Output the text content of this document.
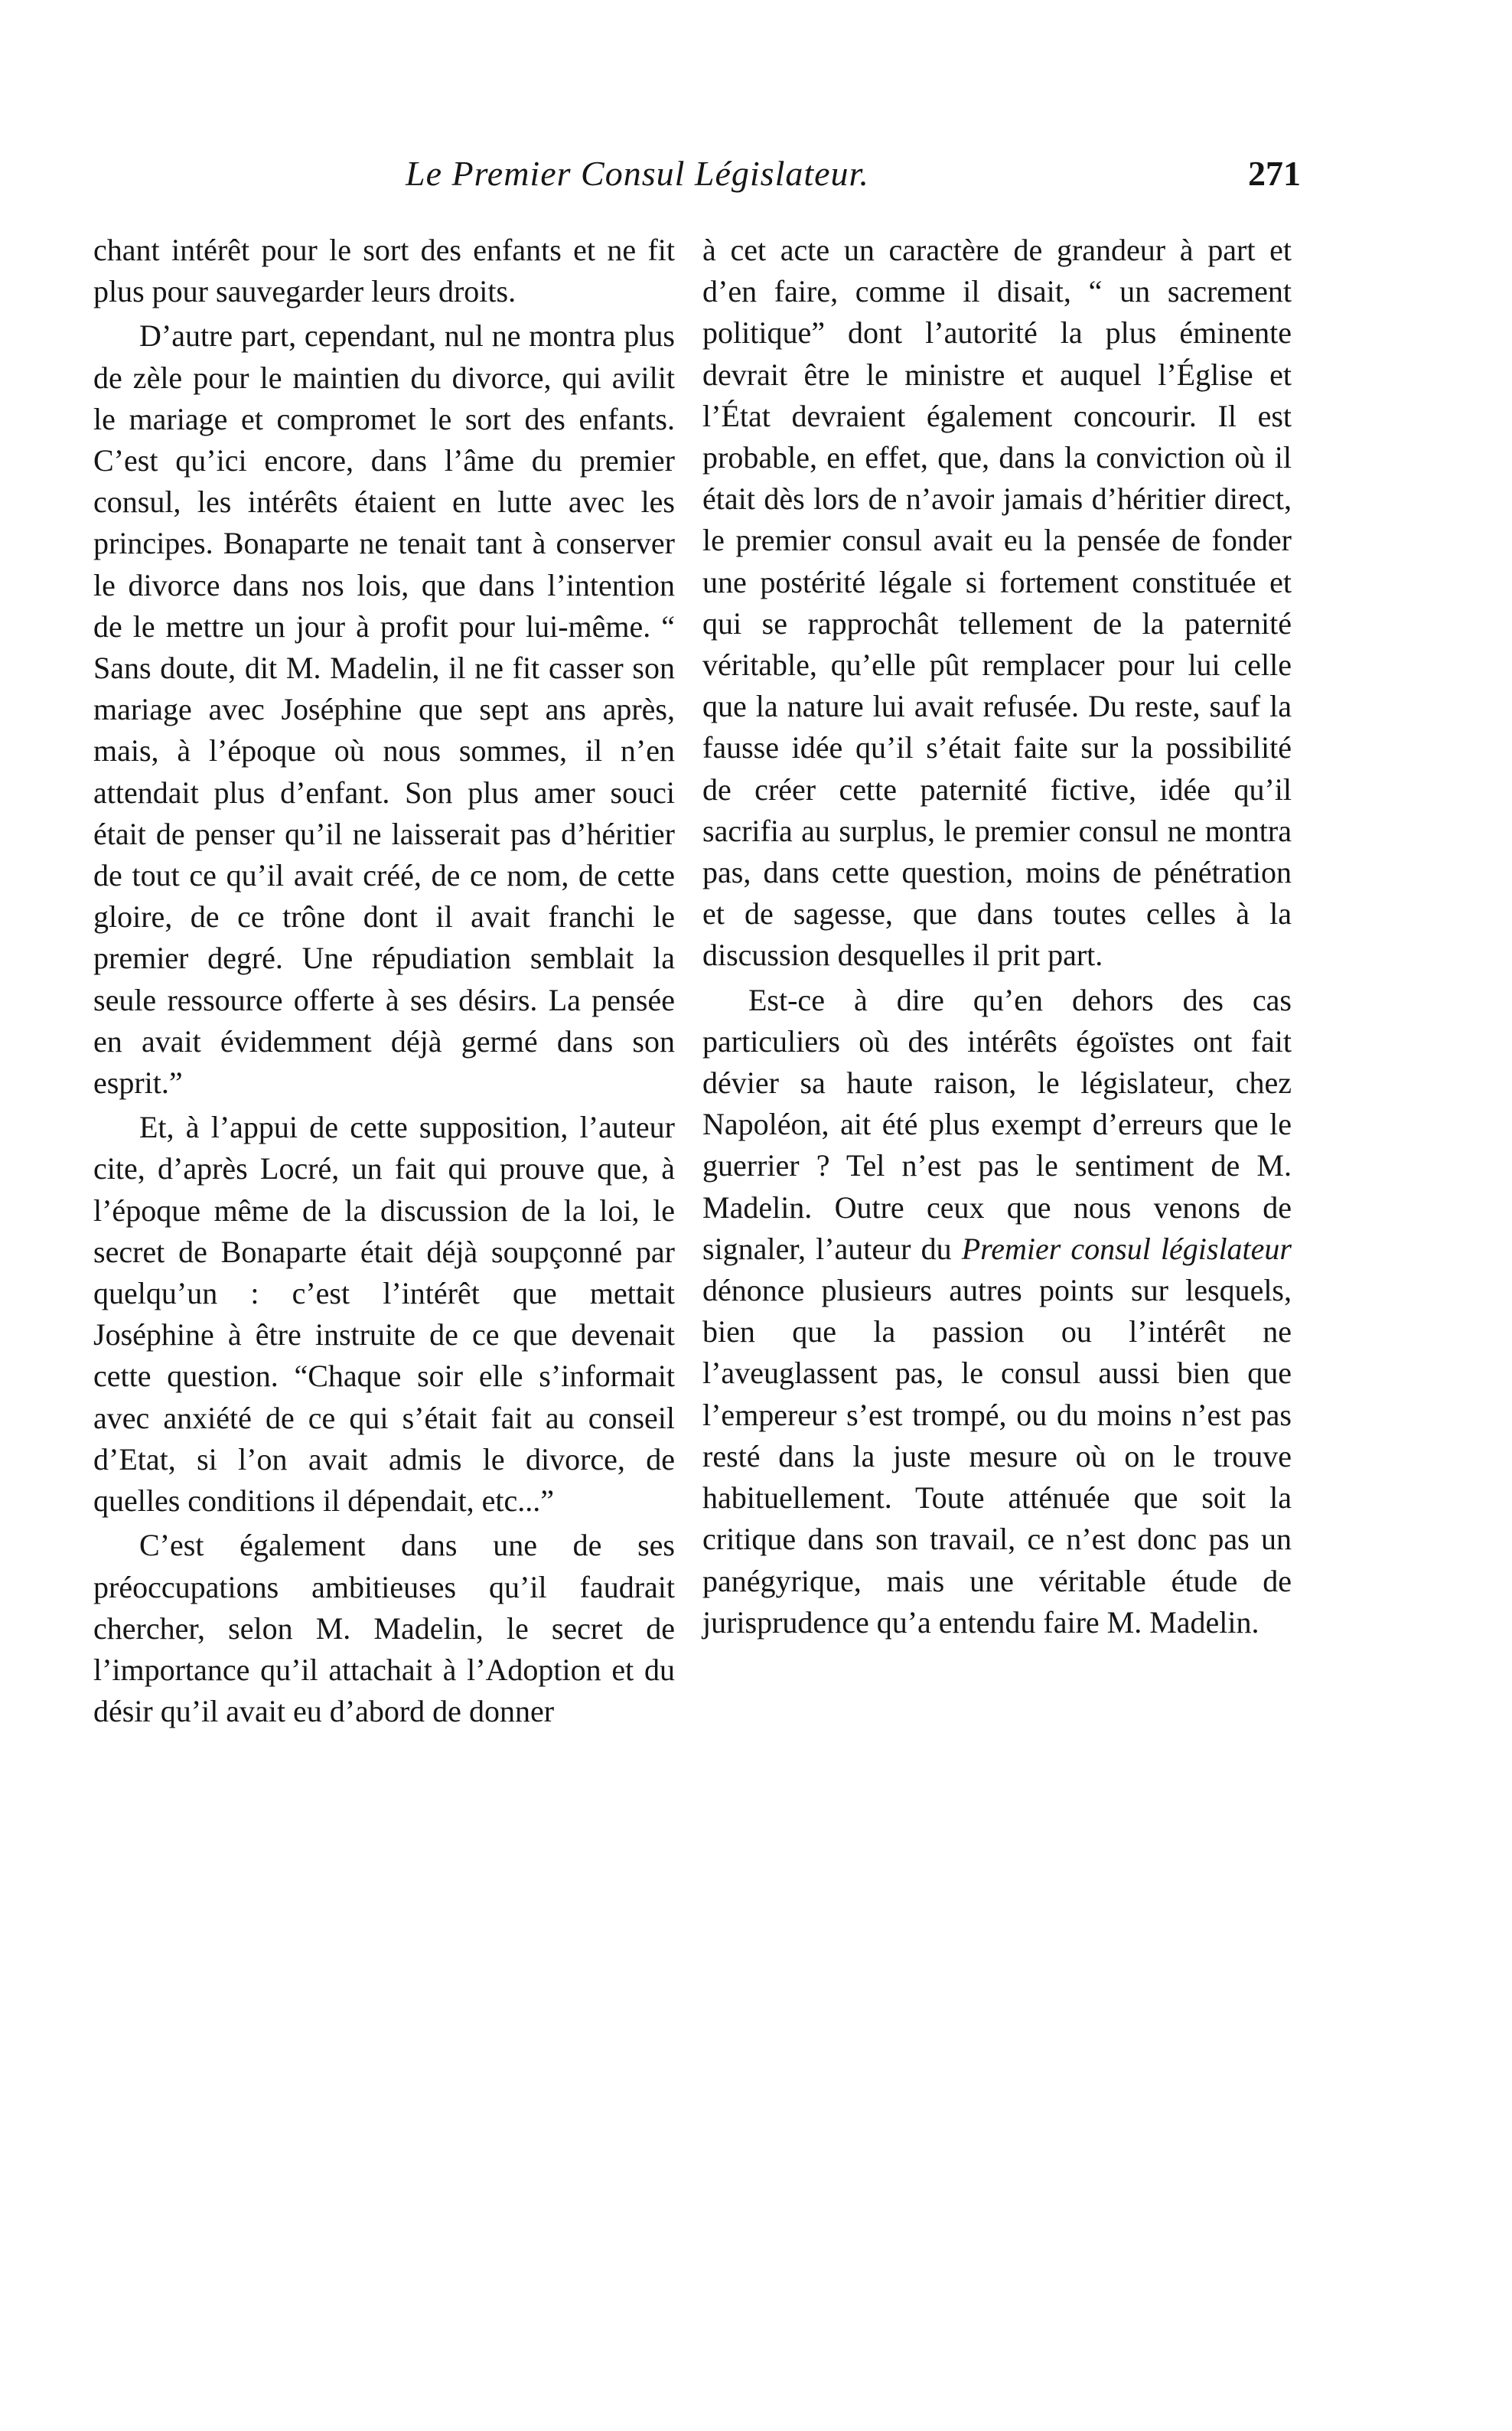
Le Premier Consul Législateur.	271

chant intérêt pour le sort des enfants et ne fit plus pour sauvegarder leurs droits.

D’autre part, cependant, nul ne montra plus de zèle pour le maintien du divorce, qui avilit le mariage et compromet le sort des enfants. C’est qu’ici encore, dans l’âme du premier consul, les intérêts étaient en lutte avec les principes. Bonaparte ne tenait tant à conserver le divorce dans nos lois, que dans l’intention de le mettre un jour à profit pour lui-même. “ Sans doute, dit M. Madelin, il ne fit casser son mariage avec Joséphine que sept ans après, mais, à l’époque où nous sommes, il n’en attendait plus d’enfant. Son plus amer souci était de penser qu’il ne laisserait pas d’héritier de tout ce qu’il avait créé, de ce nom, de cette gloire, de ce trône dont il avait franchi le premier degré. Une répudiation semblait la seule ressource offerte à ses désirs. La pensée en avait évidemment déjà germé dans son esprit.”

Et, à l’appui de cette supposition, l’auteur cite, d’après Locré, un fait qui prouve que, à l’époque même de la discussion de la loi, le secret de Bonaparte était déjà soupçonné par quelqu’un : c’est l’intérêt que mettait Joséphine à être instruite de ce que devenait cette question. “Chaque soir elle s’informait avec anxiété de ce qui s’était fait au conseil d’Etat, si l’on avait admis le divorce, de quelles conditions il dépendait, etc...”

C’est également dans une de ses préoccupations ambitieuses qu’il faudrait chercher, selon M. Madelin, le secret de l’importance qu’il attachait à l’Adoption et du désir qu’il avait eu d’abord de donner

à cet acte un caractère de grandeur à part et d’en faire, comme il disait, “ un sacrement politique” dont l’autorité la plus éminente devrait être le ministre et auquel l’Église et l’État devraient également concourir. Il est probable, en effet, que, dans la conviction où il était dès lors de n’avoir jamais d’héritier direct, le premier consul avait eu la pensée de fonder une postérité légale si fortement constituée et qui se rapprochât tellement de la paternité véritable, qu’elle pût remplacer pour lui celle que la nature lui avait refusée. Du reste, sauf la fausse idée qu’il s’était faite sur la possibilité de créer cette paternité fictive, idée qu’il sacrifia au surplus, le premier consul ne montra pas, dans cette question, moins de pénétration et de sagesse, que dans toutes celles à la discussion desquelles il prit part.

Est-ce à dire qu’en dehors des cas particuliers où des intérêts égoïstes ont fait dévier sa haute raison, le législateur, chez Napoléon, ait été plus exempt d’erreurs que le guerrier ? Tel n’est pas le sentiment de M. Madelin. Outre ceux que nous venons de signaler, l’auteur du Premier consul législateur dénonce plusieurs autres points sur lesquels, bien que la passion ou l’intérêt ne l’aveuglassent pas, le consul aussi bien que l’empereur s’est trompé, ou du moins n’est pas resté dans la juste mesure où on le trouve habituellement. Toute atténuée que soit la critique dans son travail, ce n’est donc pas un panégyrique, mais une véritable étude de jurisprudence qu’a entendu faire M. Madelin.
